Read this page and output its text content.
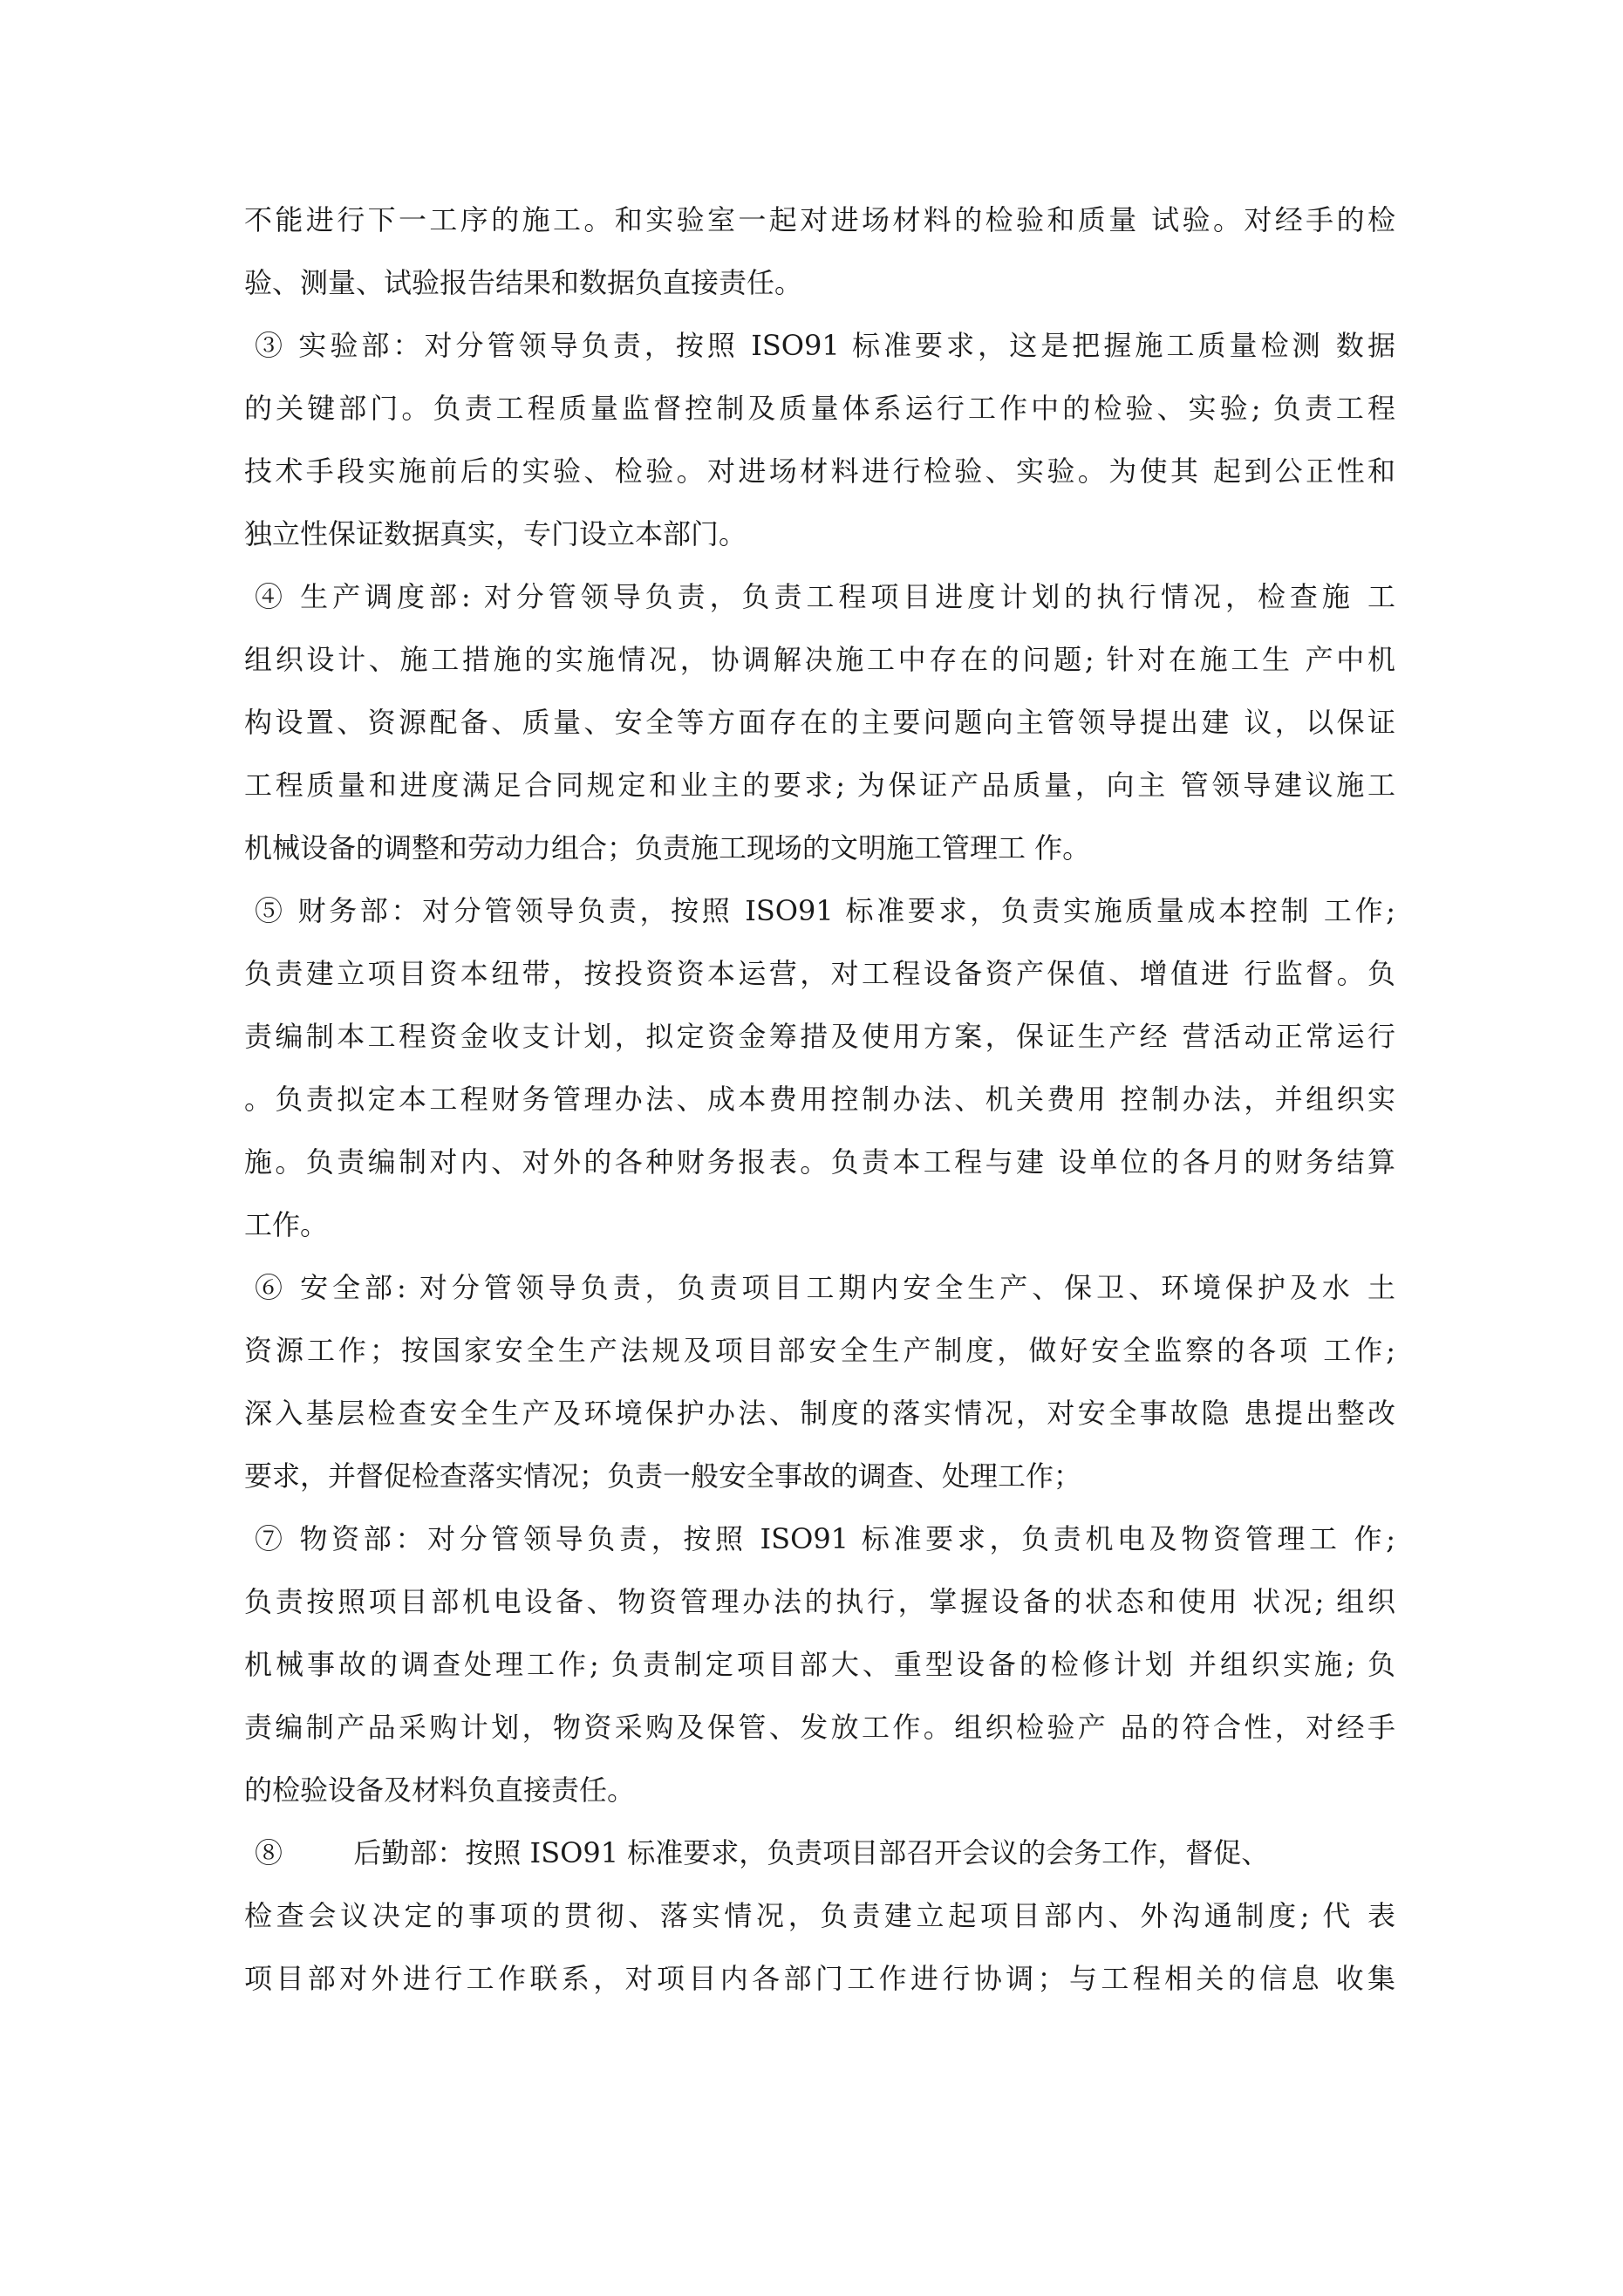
不能进行下一工序的施工。和实验室一起对进场材料的检验和质量 试验。对经手的检
验、测量、试验报告结果和数据负直接责任。
③ 实验部：对分管领导负责，按照 ISO91 标准要求，这是把握施工质量检测 数据
的关键部门。负责工程质量监督控制及质量体系运行工作中的检验、实验; 负责工程
技术手段实施前后的实验、检验。对进场材料进行检验、实验。为使其 起到公正性和
独立性保证数据真实，专门设立本部门。
④ 生产调度部: 对分管领导负责，负责工程项目进度计划的执行情况，检查施 工
组织设计、施工措施的实施情况，协调解决施工中存在的问题; 针对在施工生 产中机
构设置、资源配备、质量、安全等方面存在的主要问题向主管领导提出建 议，以保证
工程质量和进度满足合同规定和业主的要求; 为保证产品质量，向主 管领导建议施工
机械设备的调整和劳动力组合；负责施工现场的文明施工管理工 作。
⑤ 财务部：对分管领导负责，按照 ISO91 标准要求，负责实施质量成本控制 工作;
负责建立项目资本纽带，按投资资本运营，对工程设备资产保值、增值进 行监督。负
责编制本工程资金收支计划，拟定资金筹措及使用方案，保证生产经 营活动正常运行
。负责拟定本工程财务管理办法、成本费用控制办法、机关费用 控制办法，并组织实
施。负责编制对内、对外的各种财务报表。负责本工程与建 设单位的各月的财务结算
工作。
⑥ 安全部: 对分管领导负责，负责项目工期内安全生产、保卫、环境保护及水 土
资源工作；按国家安全生产法规及项目部安全生产制度，做好安全监察的各项 工作;
深入基层检查安全生产及环境保护办法、制度的落实情况，对安全事故隐 患提出整改
要求，并督促检查落实情况；负责一般安全事故的调查、处理工作；
⑦ 物资部：对分管领导负责，按照 ISO91 标准要求，负责机电及物资管理工 作;
负责按照项目部机电设备、物资管理办法的执行，掌握设备的状态和使用 状况; 组织
机械事故的调查处理工作; 负责制定项目部大、重型设备的检修计划 并组织实施; 负
责编制产品采购计划，物资采购及保管、发放工作。组织检验产 品的符合性，对经手
的检验设备及材料负直接责任。
⑧        后勤部：按照 ISO91 标准要求，负责项目部召开会议的会务工作，督促、
检查会议决定的事项的贯彻、落实情况，负责建立起项目部内、外沟通制度; 代 表
项目部对外进行工作联系，对项目内各部门工作进行协调；与工程相关的信息 收集
